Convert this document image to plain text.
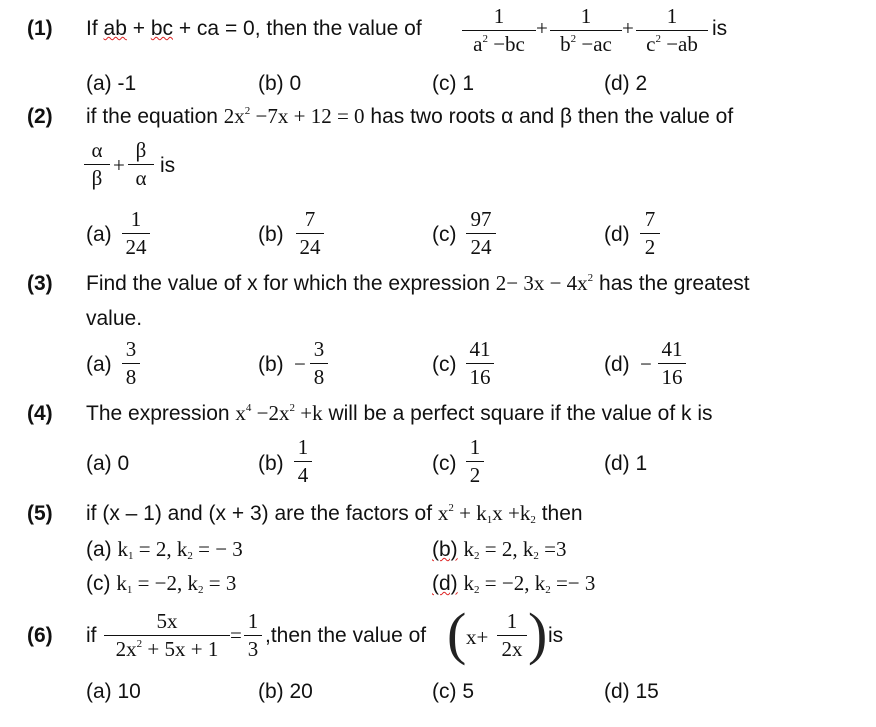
(1) If ab + bc + ca = 0, then the value of
1
$a^2 -bc$
+	1
$b^2 -ac$
+	1
$c^2 -ab$
is
(a) -1	(b) 0	(c) 1	(d) 2
(2) if the equation $2x^2 -7x + 12 = 0$ has two roots α and β then the value of
α
β
+
β
α
is
(a)
1
24
(b)
7
24
(c)
97
24
(d)
7
2
(3) Find the value of x for which the expression $2- 3x - 4x^2$ has the greatest
value.
(a)
3
8
(b) −
3
8
(c)
41
16
(d) −
41
16
(4) The expression $x^4 -2x^2 +k$ will be a perfect square if the value of k is
(a) 0	(b)
1
4	(c)
1
2	(d) 1
(5) if (x – 1) and (x + 3) are the factors of $x^2 + k_1x +k_2$ then
(a) $k_1 = 2$, $k_2$ = − 3	(b) $k_2 = 2$, $k_2 =3$
(c) $k_1 = -2$, $k_2 = 3$	(d) $k_2 = -2$, $k_2 =- 3$
(6) if
5x
$2x^2 + 5x + 1$
=
1
3
,then the value of ( x+
1
2x ) is
(a) 10	(b) 20	(c) 5	(d) 15
